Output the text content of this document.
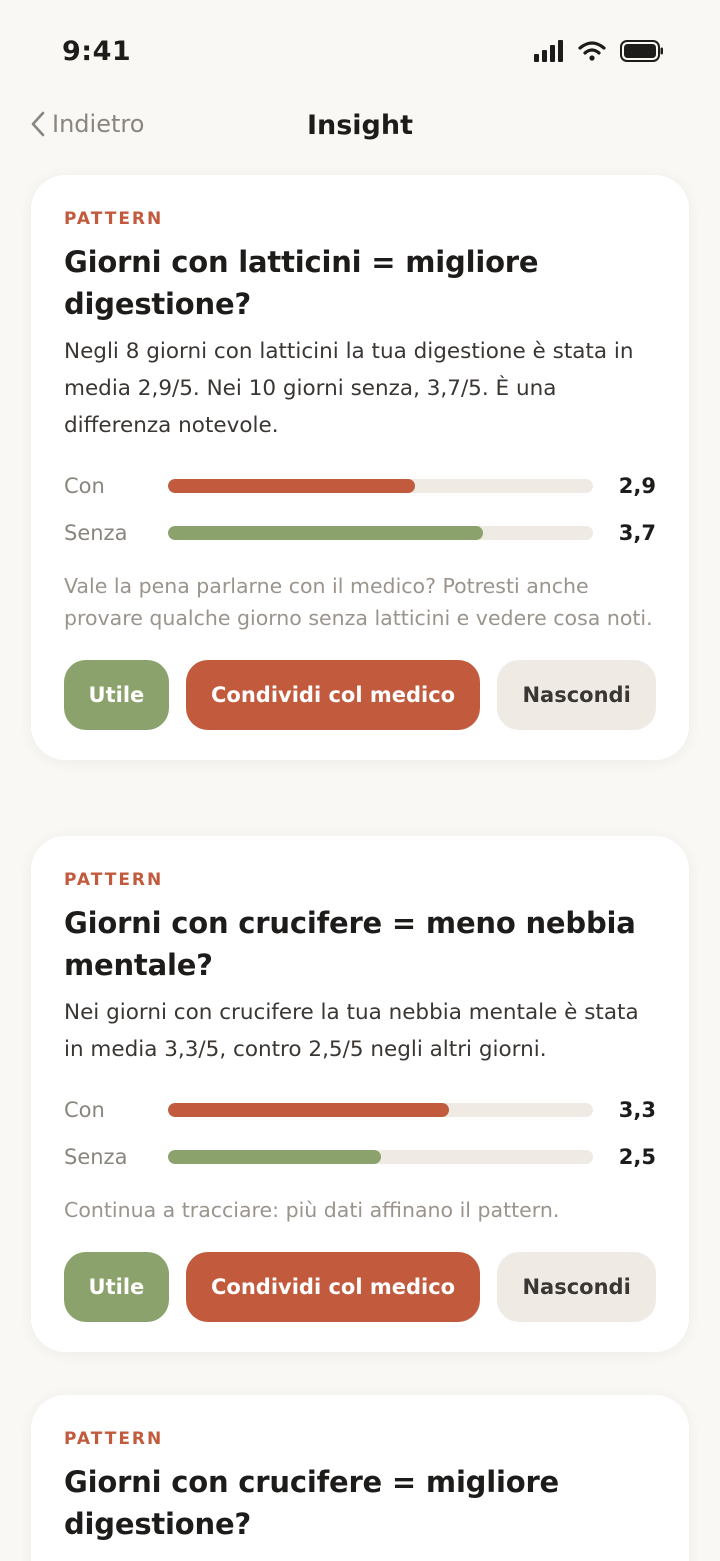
9:41
Indietro	Insight
PATTERN
Giorni con latticini = migliore digestione?
Negli 8 giorni con latticini la tua digestione è stata in media 2,9/5. Nei 10 giorni senza, 3,7/5. È una differenza notevole.
Con	2,9
Senza	3,7
Vale la pena parlarne con il medico? Potresti anche provare qualche giorno senza latticini e vedere cosa noti.
Utile	Condividi col medico	Nascondi
PATTERN
Giorni con crucifere = meno nebbia mentale?
Nei giorni con crucifere la tua nebbia mentale è stata in media 3,3/5, contro 2,5/5 negli altri giorni.
Con	3,3
Senza	2,5
Continua a tracciare: più dati affinano il pattern.
Utile	Condividi col medico	Nascondi
PATTERN
Giorni con crucifere = migliore digestione?
